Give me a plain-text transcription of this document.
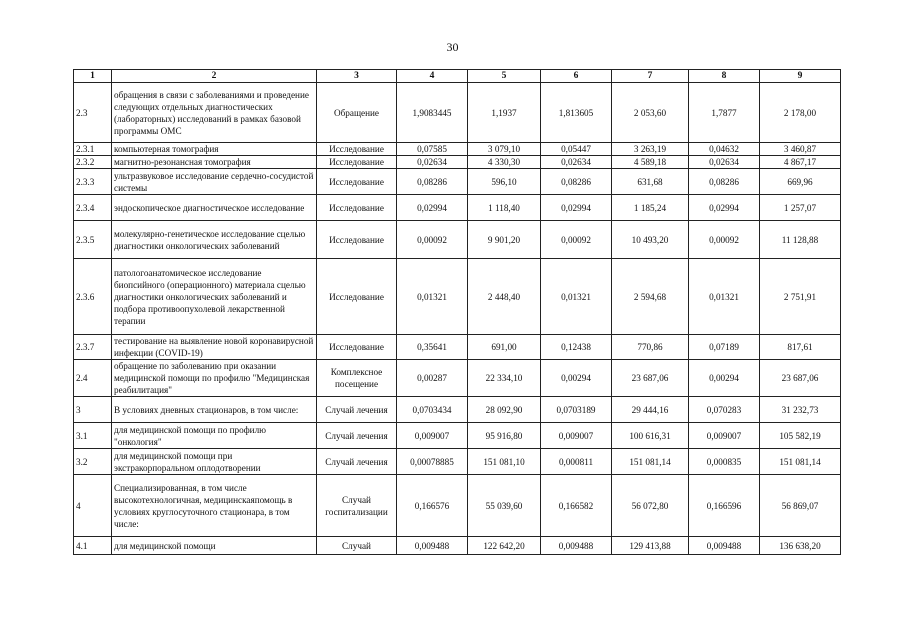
30
1	2	3	4	5	6	7	8	9
2.3	обращения в связи с заболеваниями и проведение следующих отдельных диагностических (лабораторных) исследований в рамках базовой программы ОМС	Обращение	1,9083445	1,1937	1,813605	2 053,60	1,7877	2 178,00
2.3.1	компьютерная томография	Исследование	0,07585	3 079,10	0,05447	3 263,19	0,04632	3 460,87
2.3.2	магнитно-резонансная томография	Исследование	0,02634	4 330,30	0,02634	4 589,18	0,02634	4 867,17
2.3.3	ультразвуковое исследование сердечно-сосудистой системы	Исследование	0,08286	596,10	0,08286	631,68	0,08286	669,96
2.3.4	эндоскопическое диагностическое исследование	Исследование	0,02994	1 118,40	0,02994	1 185,24	0,02994	1 257,07
2.3.5	молекулярно-генетическое исследование сцелью диагностики онкологических заболеваний	Исследование	0,00092	9 901,20	0,00092	10 493,20	0,00092	11 128,88
2.3.6	патологоанатомическое исследование биопсийного (операционного) материала сцелью диагностики онкологических заболеваний и подбора противоопухолевой лекарственной терапии	Исследование	0,01321	2 448,40	0,01321	2 594,68	0,01321	2 751,91
2.3.7	тестирование на выявление новой коронавирусной инфекции (COVID-19)	Исследование	0,35641	691,00	0,12438	770,86	0,07189	817,61
2.4	обращение по заболеванию при оказании медицинской помощи по профилю "Медицинская реабилитация"	Комплексное посещение	0,00287	22 334,10	0,00294	23 687,06	0,00294	23 687,06
3	В условиях дневных стационаров, в том числе:	Случай лечения	0,0703434	28 092,90	0,0703189	29 444,16	0,070283	31 232,73
3.1	для медицинской помощи по профилю "онкология"	Случай лечения	0,009007	95 916,80	0,009007	100 616,31	0,009007	105 582,19
3.2	для медицинской помощи при экстракорпоральном оплодотворении	Случай лечения	0,00078885	151 081,10	0,000811	151 081,14	0,000835	151 081,14
4	Специализированная, в том числе высокотехнологичная, медицинскаяпомощь в условиях круглосуточного стационара, в том числе:	Случай госпитализации	0,166576	55 039,60	0,166582	56 072,80	0,166596	56 869,07
4.1	для медицинской помощи	Случай	0,009488	122 642,20	0,009488	129 413,88	0,009488	136 638,20
